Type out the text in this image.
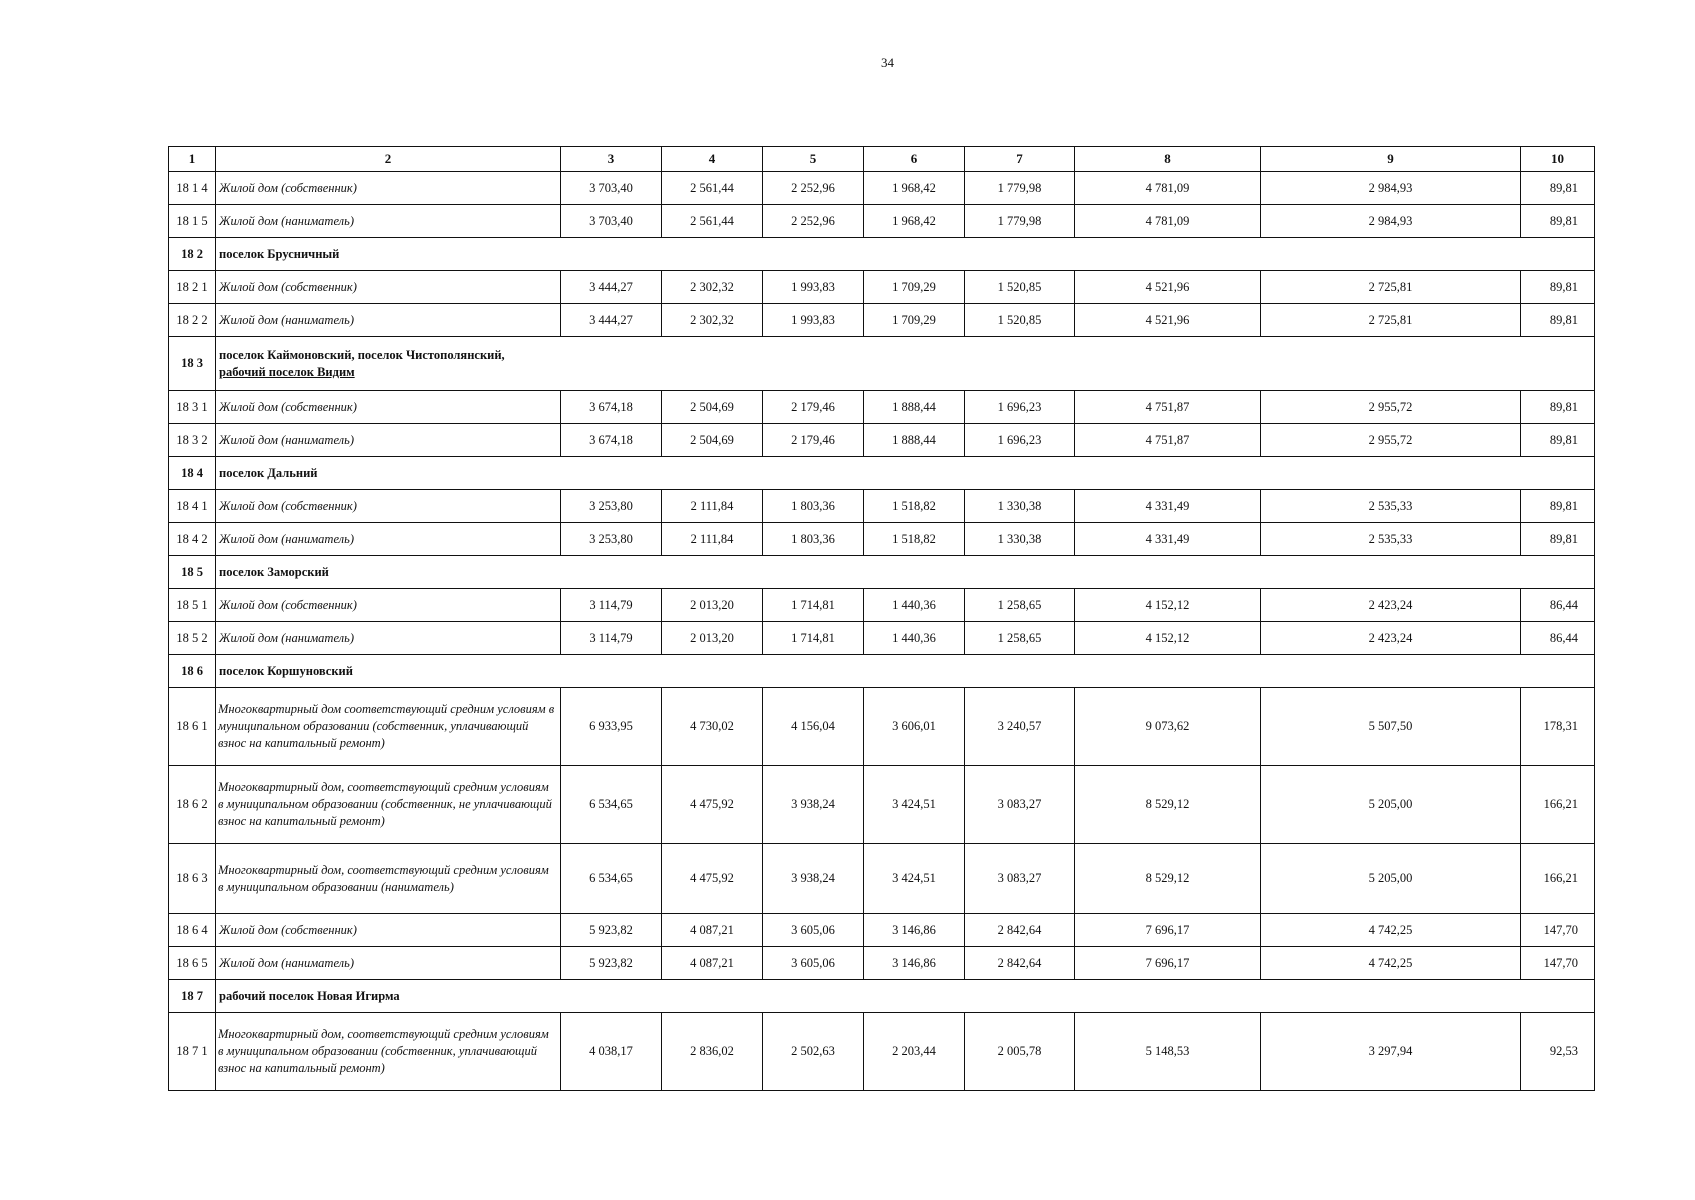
34
1	2	3	4	5	6	7	8	9	10
18 1 4	Жилой дом (собственник)	3 703,40	2 561,44	2 252,96	1 968,42	1 779,98	4 781,09	2 984,93	89,81
18 1 5	Жилой дом (наниматель)	3 703,40	2 561,44	2 252,96	1 968,42	1 779,98	4 781,09	2 984,93	89,81
18 2	поселок Брусничный								
18 2 1	Жилой дом (собственник)	3 444,27	2 302,32	1 993,83	1 709,29	1 520,85	4 521,96	2 725,81	89,81
18 2 2	Жилой дом (наниматель)	3 444,27	2 302,32	1 993,83	1 709,29	1 520,85	4 521,96	2 725,81	89,81
18 3	поселок Каймоновский, поселок Чистополянский,
рабочий поселок Видим								
18 3 1	Жилой дом (собственник)	3 674,18	2 504,69	2 179,46	1 888,44	1 696,23	4 751,87	2 955,72	89,81
18 3 2	Жилой дом (наниматель)	3 674,18	2 504,69	2 179,46	1 888,44	1 696,23	4 751,87	2 955,72	89,81
18 4	поселок Дальний								
18 4 1	Жилой дом (собственник)	3 253,80	2 111,84	1 803,36	1 518,82	1 330,38	4 331,49	2 535,33	89,81
18 4 2	Жилой дом (наниматель)	3 253,80	2 111,84	1 803,36	1 518,82	1 330,38	4 331,49	2 535,33	89,81
18 5	поселок Заморский								
18 5 1	Жилой дом (собственник)	3 114,79	2 013,20	1 714,81	1 440,36	1 258,65	4 152,12	2 423,24	86,44
18 5 2	Жилой дом (наниматель)	3 114,79	2 013,20	1 714,81	1 440,36	1 258,65	4 152,12	2 423,24	86,44
18 6	поселок Коршуновский								
18 6 1	Многоквартирный дом соответствующий средним условиям в муниципальном образовании (собственник, уплачивающий взнос на капитальный ремонт)	6 933,95	4 730,02	4 156,04	3 606,01	3 240,57	9 073,62	5 507,50	178,31
18 6 2	Многоквартирный дом, соответствующий средним условиям в муниципальном образовании (собственник, не уплачивающий взнос на капитальный ремонт)	6 534,65	4 475,92	3 938,24	3 424,51	3 083,27	8 529,12	5 205,00	166,21
18 6 3	Многоквартирный дом, соответствующий средним условиям в муниципальном образовании (наниматель)	6 534,65	4 475,92	3 938,24	3 424,51	3 083,27	8 529,12	5 205,00	166,21
18 6 4	Жилой дом (собственник)	5 923,82	4 087,21	3 605,06	3 146,86	2 842,64	7 696,17	4 742,25	147,70
18 6 5	Жилой дом (наниматель)	5 923,82	4 087,21	3 605,06	3 146,86	2 842,64	7 696,17	4 742,25	147,70
18 7	рабочий поселок Новая Игирма								
18 7 1	Многоквартирный дом, соответствующий средним условиям в муниципальном образовании (собственник, уплачивающий взнос на капитальный ремонт)	4 038,17	2 836,02	2 502,63	2 203,44	2 005,78	5 148,53	3 297,94	92,53
